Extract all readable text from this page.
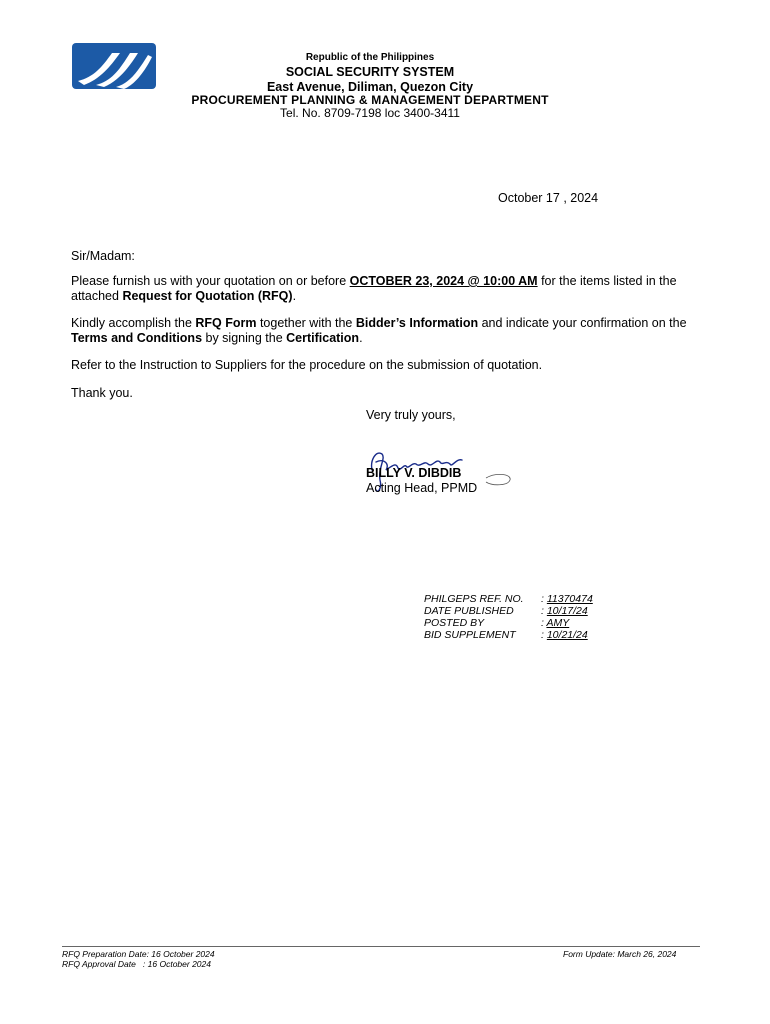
Republic of the Philippines
SOCIAL SECURITY SYSTEM
East Avenue, Diliman, Quezon City
PROCUREMENT PLANNING & MANAGEMENT DEPARTMENT
Tel. No. 8709-7198 loc 3400-3411
October 17 , 2024
Sir/Madam:
Please furnish us with your quotation on or before OCTOBER 23, 2024 @ 10:00 AM for the items listed in the attached Request for Quotation (RFQ).
Kindly accomplish the RFQ Form together with the Bidder’s Information and indicate your confirmation on the Terms and Conditions by signing the Certification.
Refer to the Instruction to Suppliers for the procedure on the submission of quotation.
Thank you.
Very truly yours,
BILLY V. DIBDIB
Acting Head, PPMD
PHILGEPS REF. NO. : 11370474
DATE PUBLISHED	: 10/17/24
POSTED BY	: AMY
BID SUPPLEMENT : 10/21/24
RFQ Preparation Date: 16 October 2024
RFQ Approval Date   : 16 October 2024
Form Update: March 26, 2024
